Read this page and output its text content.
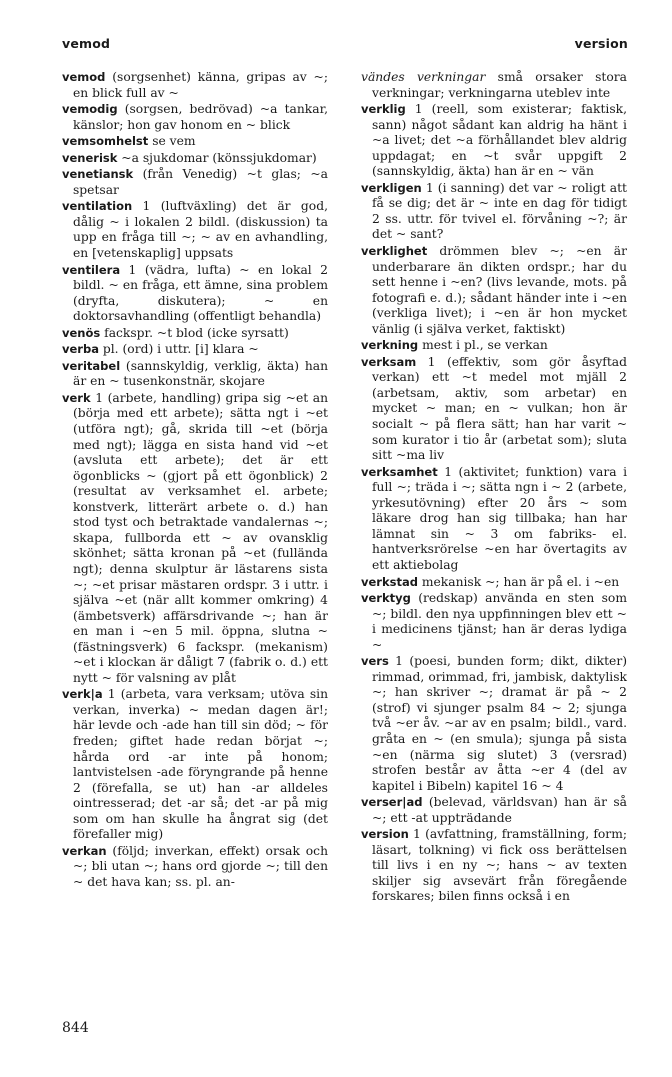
vemod	version

vemod (sorgsenhet) känna, gripas av ~; en blick full av ~

vemodig (sorgsen, bedrövad) ~a tankar, känslor; hon gav honom en ~ blick

vemsomhelst se vem

venerisk ~a sjukdomar (könssjukdomar)

venetiansk (från Venedig) ~t glas; ~a spetsar

ventilation 1 (luftväxling) det är god, dålig ~ i lokalen 2 bildl. (diskussion) ta upp en fråga till ~; ~ av en avhandling, en [vetenskaplig] uppsats

ventilera 1 (vädra, lufta) ~ en lokal 2 bildl. ~ en fråga, ett ämne, sina problem (dryfta, diskutera); ~ en doktorsavhandling (offentligt behandla)

venös fackspr. ~t blod (icke syrsatt)

verba pl. (ord) i uttr. [i] klara ~

veritabel (sannskyldig, verklig, äkta) han är en ~ tusenkonstnär, skojare

verk 1 (arbete, handling) gripa sig ~et an (börja med ett arbete); sätta ngt i ~et (utföra ngt); gå, skrida till ~et (börja med ngt); lägga en sista hand vid ~et (avsluta ett arbete); det är ett ögonblicks ~ (gjort på ett ögonblick) 2 (resultat av verksamhet el. arbete; konstverk, litterärt arbete o. d.) han stod tyst och betraktade vandalernas ~; skapa, fullborda ett ~ av ovansklig skönhet; sätta kronan på ~et (fullända ngt); denna skulptur är lästarens sista ~; ~et prisar mästaren ordspr. 3 i uttr. i själva ~et (när allt kommer omkring) 4 (ämbetsverk) affärsdrivande ~; han är en man i ~en 5 mil. öppna, slutna ~ (fästningsverk) 6 fackspr. (mekanism) ~et i klockan är dåligt 7 (fabrik o. d.) ett nytt ~ för valsning av plåt

verk|a 1 (arbeta, vara verksam; utöva sin verkan, inverka) ~ medan dagen är!; här levde och -ade han till sin död; ~ för freden; giftet hade redan börjat ~; hårda ord -ar inte på honom; lantvistelsen -ade föryngrande på henne 2 (förefalla, se ut) han -ar alldeles ointresserad; det -ar så; det -ar på mig som om han skulle ha ångrat sig (det förefaller mig)

verkan (följd; inverkan, effekt) orsak och ~; bli utan ~; hans ord gjorde ~; till den ~ det hava kan; ss. pl. an-

vändes verkningar små orsaker stora verkningar; verkningarna uteblev inte

verklig 1 (reell, som existerar; faktisk, sann) något sådant kan aldrig ha hänt i ~a livet; det ~a förhållandet blev aldrig uppdagat; en ~t svår uppgift 2 (sannskyldig, äkta) han är en ~ vän

verkligen 1 (i sanning) det var ~ roligt att få se dig; det är ~ inte en dag för tidigt 2 ss. uttr. för tvivel el. förvåning ~?; är det ~ sant?

verklighet drömmen blev ~; ~en är underbarare än dikten ordspr.; har du sett henne i ~en? (livs levande, mots. på fotografi e. d.); sådant händer inte i ~en (verkliga livet); i ~en är hon mycket vänlig (i själva verket, faktiskt)

verkning mest i pl., se verkan

verksam 1 (effektiv, som gör åsyftad verkan) ett ~t medel mot mjäll 2 (arbetsam, aktiv, som arbetar) en mycket ~ man; en ~ vulkan; hon är socialt ~ på flera sätt; han har varit ~ som kurator i tio år (arbetat som); sluta sitt ~ma liv

verksamhet 1 (aktivitet; funktion) vara i full ~; träda i ~; sätta ngn i ~ 2 (arbete, yrkesutövning) efter 20 års ~ som läkare drog han sig tillbaka; han har lämnat sin ~ 3 om fabriks- el. hantverksrörelse ~en har övertagits av ett aktiebolag

verkstad mekanisk ~; han är på el. i ~en

verktyg (redskap) använda en sten som ~; bildl. den nya uppfinningen blev ett ~ i medicinens tjänst; han är deras lydiga ~

vers 1 (poesi, bunden form; dikt, dikter) rimmad, orimmad, fri, jambisk, daktylisk ~; han skriver ~; dramat är på ~ 2 (strof) vi sjunger psalm 84 ~ 2; sjunga två ~er åv. ~ar av en psalm; bildl., vard. gråta en ~ (en smula); sjunga på sista ~en (närma sig slutet) 3 (versrad) strofen består av åtta ~er 4 (del av kapitel i Bibeln) kapitel 16 ~ 4

verser|ad (belevad, världsvan) han är så ~; ett -at uppträdande

version 1 (avfattning, framställning, form; läsart, tolkning) vi fick oss berättelsen till livs i en ny ~; hans ~ av texten skiljer sig avsevärt från föregående forskares; bilen finns också i en

844
